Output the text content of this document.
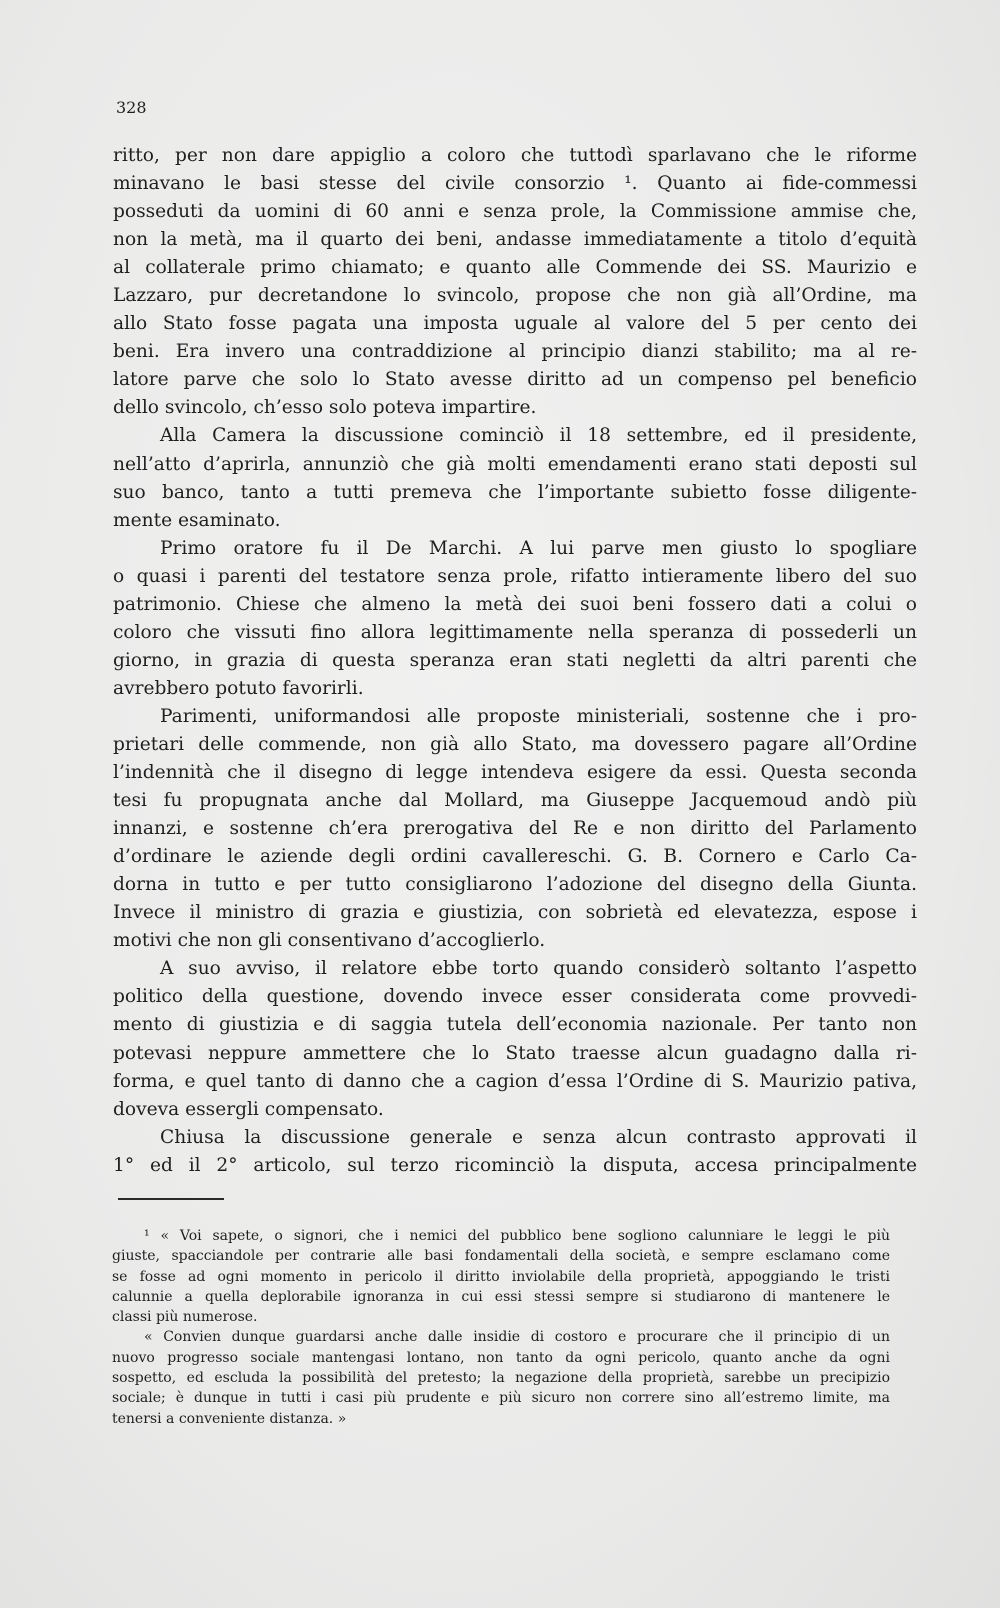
328
ritto, per non dare appiglio a coloro che tuttodì sparlavano che le riforme
minavano le basi stesse del civile consorzio ¹. Quanto ai fide-commessi
posseduti da uomini di 60 anni e senza prole, la Commissione ammise che,
non la metà, ma il quarto dei beni, andasse immediatamente a titolo d’equità
al collaterale primo chiamato; e quanto alle Commende dei SS. Maurizio e
Lazzaro, pur decretandone lo svincolo, propose che non già all’Ordine, ma
allo Stato fosse pagata una imposta uguale al valore del 5 per cento dei
beni. Era invero una contraddizione al principio dianzi stabilito; ma al re-
latore parve che solo lo Stato avesse diritto ad un compenso pel beneficio
dello svincolo, ch’esso solo poteva impartire.
Alla Camera la discussione cominciò il 18 settembre, ed il presidente,
nell’atto d’aprirla, annunziò che già molti emendamenti erano stati deposti sul
suo banco, tanto a tutti premeva che l’importante subietto fosse diligente-
mente esaminato.
Primo oratore fu il De Marchi. A lui parve men giusto lo spogliare
o quasi i parenti del testatore senza prole, rifatto intieramente libero del suo
patrimonio. Chiese che almeno la metà dei suoi beni fossero dati a colui o
coloro che vissuti fino allora legittimamente nella speranza di possederli un
giorno, in grazia di questa speranza eran stati negletti da altri parenti che
avrebbero potuto favorirli.
Parimenti, uniformandosi alle proposte ministeriali, sostenne che i pro-
prietari delle commende, non già allo Stato, ma dovessero pagare all’Ordine
l’indennità che il disegno di legge intendeva esigere da essi. Questa seconda
tesi fu propugnata anche dal Mollard, ma Giuseppe Jacquemoud andò più
innanzi, e sostenne ch’era prerogativa del Re e non diritto del Parlamento
d’ordinare le aziende degli ordini cavallereschi. G. B. Cornero e Carlo Ca-
dorna in tutto e per tutto consigliarono l’adozione del disegno della Giunta.
Invece il ministro di grazia e giustizia, con sobrietà ed elevatezza, espose i
motivi che non gli consentivano d’accoglierlo.
A suo avviso, il relatore ebbe torto quando considerò soltanto l’aspetto
politico della questione, dovendo invece esser considerata come provvedi-
mento di giustizia e di saggia tutela dell’economia nazionale. Per tanto non
potevasi neppure ammettere che lo Stato traesse alcun guadagno dalla ri-
forma, e quel tanto di danno che a cagion d’essa l’Ordine di S. Maurizio pativa,
doveva essergli compensato.
Chiusa la discussione generale e senza alcun contrasto approvati il
1° ed il 2° articolo, sul terzo ricominciò la disputa, accesa principalmente
¹ « Voi sapete, o signori, che i nemici del pubblico bene sogliono calunniare le leggi le più
giuste, spacciandole per contrarie alle basi fondamentali della società, e sempre esclamano come
se fosse ad ogni momento in pericolo il diritto inviolabile della proprietà, appoggiando le tristi
calunnie a quella deplorabile ignoranza in cui essi stessi sempre si studiarono di mantenere le
classi più numerose.
« Convien dunque guardarsi anche dalle insidie di costoro e procurare che il principio di un
nuovo progresso sociale mantengasi lontano, non tanto da ogni pericolo, quanto anche da ogni
sospetto, ed escluda la possibilità del pretesto; la negazione della proprietà, sarebbe un precipizio
sociale; è dunque in tutti i casi più prudente e più sicuro non correre sino all’estremo limite, ma
tenersi a conveniente distanza. »
